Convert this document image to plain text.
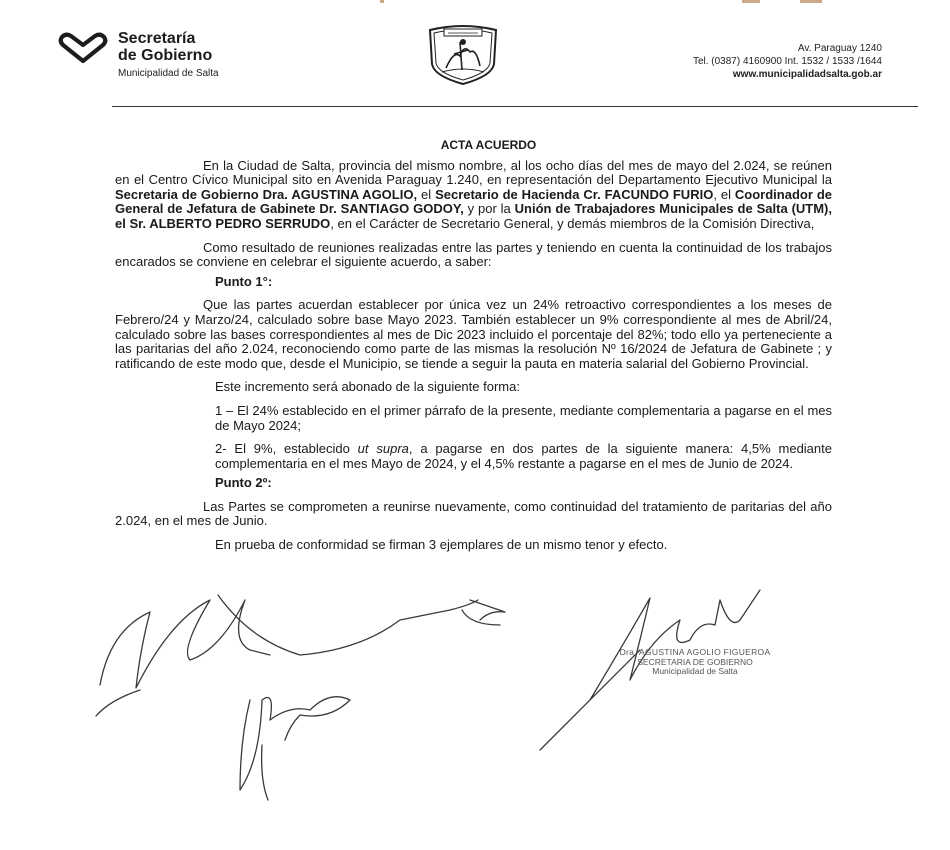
Secretaría
de Gobierno
Municipalidad de Salta
Av. Paraguay 1240
Tel. (0387) 4160900 Int. 1532 / 1533 /1644
www.municipalidadsalta.gob.ar
ACTA ACUERDO

En la Ciudad de Salta, provincia del mismo nombre, al los ocho días del mes de mayo del 2.024, se reúnen en el Centro Cívico Municipal sito en Avenida Paraguay 1.240, en representación del Departamento Ejecutivo Municipal la Secretaria de Gobierno Dra. AGUSTINA AGOLIO, el Secretario de Hacienda Cr. FACUNDO FURIO, el Coordinador de General de Jefatura de Gabinete Dr. SANTIAGO GODOY, y por la Unión de Trabajadores Municipales de Salta (UTM), el Sr. ALBERTO PEDRO SERRUDO, en el Carácter de Secretario General, y demás miembros de la Comisión Directiva,

Como resultado de reuniones realizadas entre las partes y teniendo en cuenta la continuidad de los trabajos encarados se conviene en celebrar el siguiente acuerdo, a saber:

Punto 1°:

Que las partes acuerdan establecer por única vez un 24% retroactivo correspondientes a los meses de Febrero/24 y Marzo/24, calculado sobre base Mayo 2023. También establecer un 9% correspondiente al mes de Abril/24, calculado sobre las bases correspondientes al mes de Dic 2023 incluido el porcentaje del 82%; todo ello ya perteneciente a las paritarias del año 2.024, reconociendo como parte de las mismas la resolución Nº 16/2024 de Jefatura de Gabinete ; y ratificando de este modo que, desde el Municipio, se tiende a seguir la pauta en materia salarial del Gobierno Provincial.

Este incremento será abonado de la siguiente forma:

1 – El 24% establecido en el primer párrafo de la presente, mediante complementaria a pagarse en el mes de Mayo 2024;

2- El 9%, establecido ut supra, a pagarse en dos partes de la siguiente manera: 4,5% mediante complementaria en el mes Mayo de 2024, y el 4,5% restante a pagarse en el mes de Junio de 2024.

Punto 2º:

Las Partes se comprometen a reunirse nuevamente, como continuidad del tratamiento de paritarias del año 2.024, en el mes de Junio.

En prueba de conformidad se firman 3 ejemplares de un mismo tenor y efecto.

Dra. AGUSTINA AGOLIO FIGUEROA
SECRETARIA DE GOBIERNO
Municipalidad de Salta
